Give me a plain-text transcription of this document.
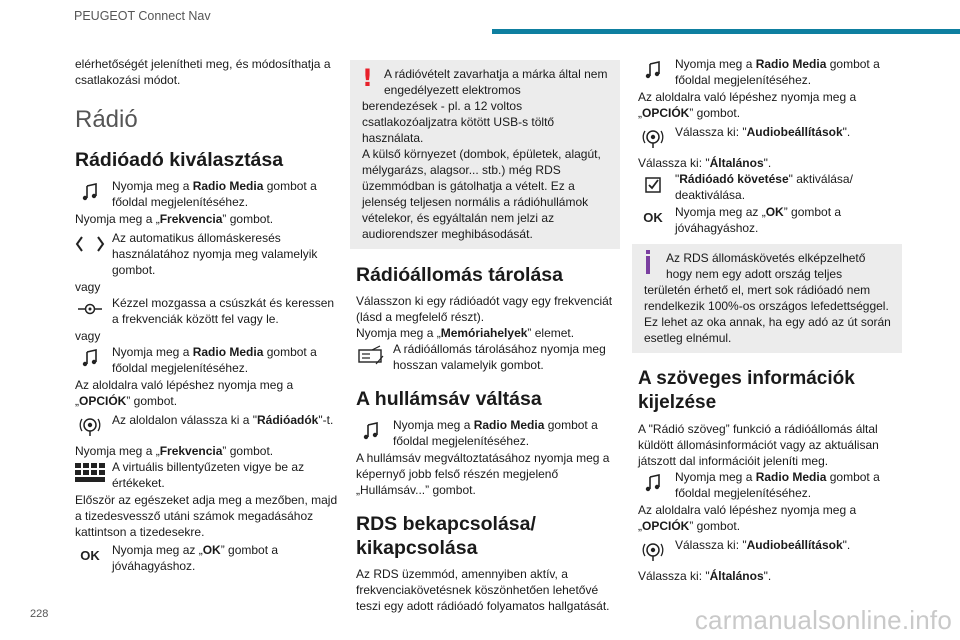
PEUGEOT Connect Nav

elérhetőségét jelenítheti meg, és módosíthatja a csatlakozási módot.

Rádió
Rádióadó kiválasztása
Nyomja meg a Radio Media gombot a főoldal megjelenítéséhez.

Nyomja meg a „Frekvencia” gombot.

Az automatikus állomáskeresés használatához nyomja meg valamelyik gombot.

vagy

Kézzel mozgassa a csúszkát és keressen a frekvenciák között fel vagy le.

vagy

Nyomja meg a Radio Media gombot a főoldal megjelenítéséhez.

Az aloldalra való lépéshez nyomja meg a „OPCIÓK” gombot.

Az aloldalon válassza ki a "Rádióadók"-t.

Nyomja meg a „Frekvencia” gombot.

A virtuális billentyűzeten vigye be az értékeket.

Először az egészeket adja meg a mezőben, majd a tizedesvessző utáni számok megadásához kattintson a tizedesekre.

OK	Nyomja meg az „OK” gombot a jóváhagyáshoz.
! A rádióvételt zavarhatja a márka által nem engedélyezett elektromos

berendezések - pl. a 12 voltos csatlakozóaljzatra kötött USB-s töltő használata.

A külső környezet (dombok, épületek, alagút, mélygarázs, alagsor... stb.) még RDS üzemmódban is gátolhatja a vételt. Ez a jelenség teljesen normális a rádióhullámok vételekor, és egyáltalán nem jelzi az audiorendszer meghibásodását.

Rádióállomás tárolása

Válasszon ki egy rádióadót vagy egy frekvenciát (lásd a megfelelő részt).

Nyomja meg a „Memóriahelyek” elemet.

A rádióállomás tárolásához nyomja meg hosszan valamelyik gombot.
A hullámsáv váltása
Nyomja meg a Radio Media gombot a főoldal megjelenítéséhez.

A hullámsáv megváltoztatásához nyomja meg a képernyő jobb felső részén megjelenő „Hullámsáv...” gombot.

RDS bekapcsolása/ kikapcsolása

Az RDS üzemmód, amennyiben aktív, a frekvenciakövetésnek köszönhetően lehetővé teszi egy adott rádióadó folyamatos hallgatását.

Nyomja meg a Radio Media gombot a főoldal megjelenítéséhez.

Az aloldalra való lépéshez nyomja meg a „OPCIÓK” gombot.

Válassza ki: "Audiobeállítások".

Válassza ki: "Általános".

"Rádióadó követése" aktiválása/ deaktiválása.
OK	Nyomja meg az „OK” gombot a jóváhagyáshoz.

Az RDS állomáskövetés elképzelhető hogy nem egy adott ország teljes

területén érhető el, mert sok rádióadó nem rendelkezik 100%-os országos lefedettséggel. Ez lehet az oka annak, ha egy adó az út során esetleg elnémul.

A szöveges információk kijelzése

A "Rádió szöveg” funkció a rádióállomás által küldött állomásinformációt vagy az aktuálisan játszott dal információit jeleníti meg.

Nyomja meg a Radio Media gombot a főoldal megjelenítéséhez.

Az aloldalra való lépéshez nyomja meg a „OPCIÓK” gombot.

Válassza ki: "Audiobeállítások".

Válassza ki: "Általános".

228	carmanualsonline.info
